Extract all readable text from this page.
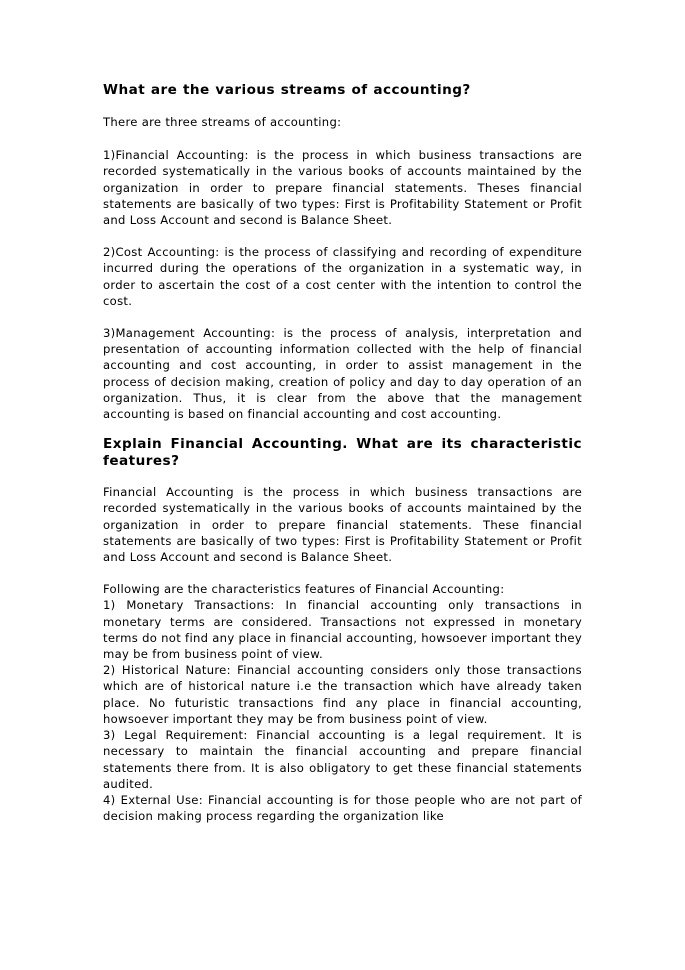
What are the various streams of accounting?

There are three streams of accounting:

1)Financial Accounting: is the process in which business transactions are recorded systematically in the various books of accounts maintained by the organization in order to prepare financial statements. Theses financial statements are basically of two types: First is Profitability Statement or Profit and Loss Account and second is Balance Sheet.

2)Cost Accounting: is the process of classifying and recording of expenditure incurred during the operations of the organization in a systematic way, in order to ascertain the cost of a cost center with the intention to control the cost.

3)Management Accounting: is the process of analysis, interpretation and presentation of accounting information collected with the help of financial accounting and cost accounting, in order to assist management in the process of decision making, creation of policy and day to day operation of an organization. Thus, it is clear from the above that the management accounting is based on financial accounting and cost accounting.

Explain Financial Accounting. What are its characteristic features?

Financial Accounting is the process in which business transactions are recorded systematically in the various books of accounts maintained by the organization in order to prepare financial statements. These financial statements are basically of two types: First is Profitability Statement or Profit and Loss Account and second is Balance Sheet.

Following are the characteristics features of Financial Accounting:

1) Monetary Transactions: In financial accounting only transactions in monetary terms are considered. Transactions not expressed in monetary terms do not find any place in financial accounting, howsoever important they may be from business point of view.

2) Historical Nature: Financial accounting considers only those transactions which are of historical nature i.e the transaction which have already taken place. No futuristic transactions find any place in financial accounting, howsoever important they may be from business point of view.

3) Legal Requirement: Financial accounting is a legal requirement. It is necessary to maintain the financial accounting and prepare financial statements there from. It is also obligatory to get these financial statements audited.

4) External Use: Financial accounting is for those people who are not part of decision making process regarding the organization like
